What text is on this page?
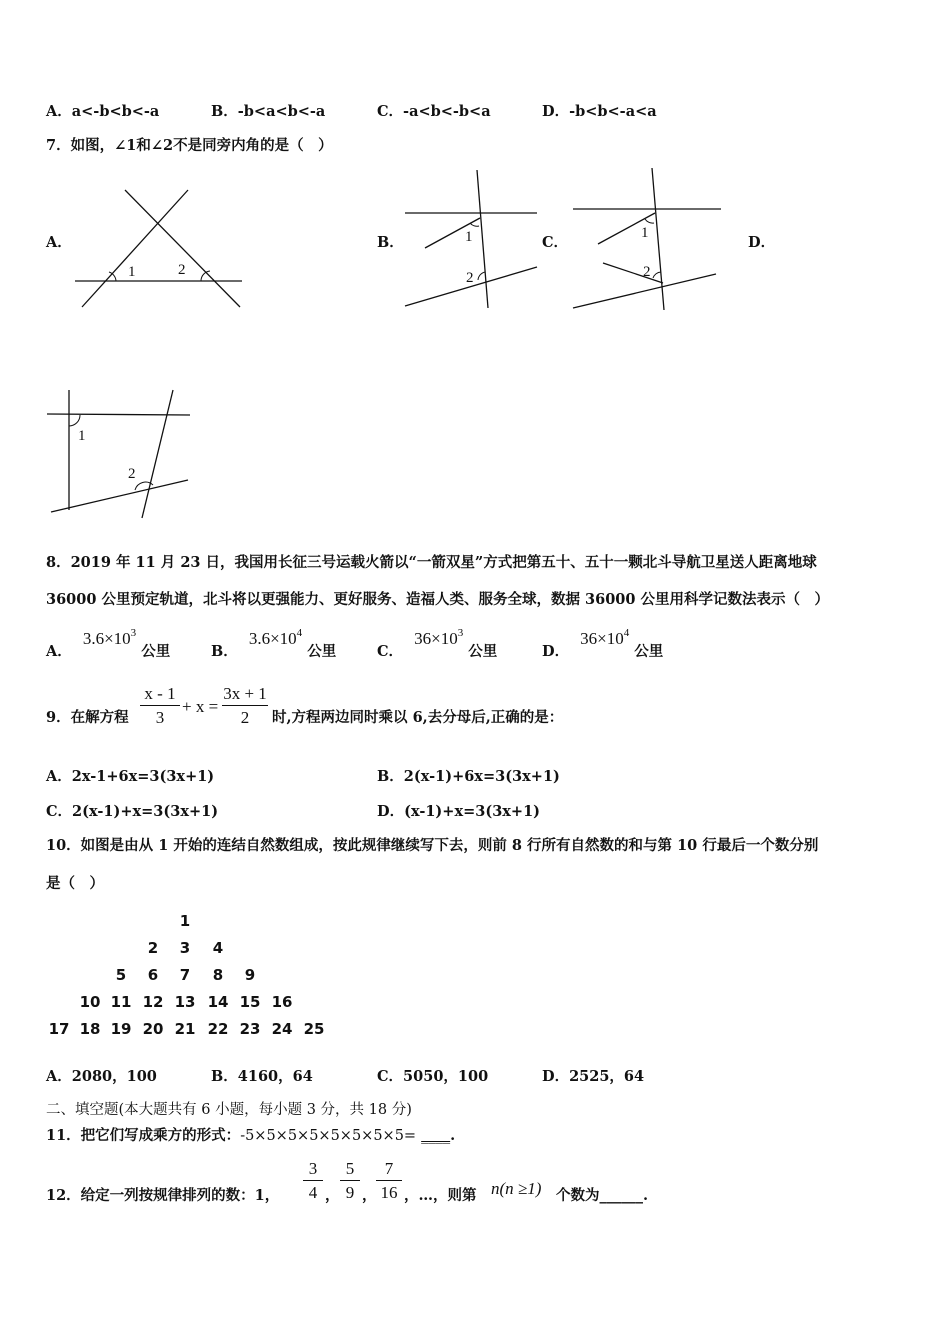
A．a<-b<b<-a	B．-b<a<b<-a	C．-a<b<-b<a	D．-b<b<-a<a
7．如图，∠1和∠2不是同旁内角的是（　）
A．
1	2
B．	1
2
C．
1
2
D．
1
2
8．2019 年 11 月 23 日，我国用长征三号运载火箭以“一箭双星”方式把第五十、五十一颗北斗导航卫星送人距离地球
36000 公里预定轨道，北斗将以更强能力、更好服务、造福人类、服务全球，数据 36000 公里用科学记数法表示（　）
A． $3.6\times 10^3$ 公里	B． $3.6\times 10^4$ 公里	C． $36\times 10^3$ 公里	D． $36\times 10^4$ 公里
9．在解方程
x - 1
3
+ x =
3x + 1
2	时,方程两边同时乘以 6,去分母后,正确的是：
A．2x-1+6x=3(3x+1)	B．2(x-1)+6x=3(3x+1)
C．2(x-1)+x=3(3x+1)	D．(x-1)+x=3(3x+1)
10．如图是由从 1 开始的连结自然数组成，按此规律继续写下去，则前 8 行所有自然数的和与第 10 行最后一个数分别
是（　）
1
2	3	4
5	6	7	8	9
10 11 12 13 14 15 16
17 18 19 20 21 22 23 24 25
A．2080，100	B．4160，64	C．5050，100	D．2525，64
二、填空题(本大题共有 6 小题，每小题 3 分，共 18 分)
11．把它们写成乘方的形式：-5×5×5×5×5×5×5×5= ____.
12．给定一列按规律排列的数：1，
3
4 ，
5
9 ，
7
16 ，…，则第 n(n ≥1) 个数为______.
